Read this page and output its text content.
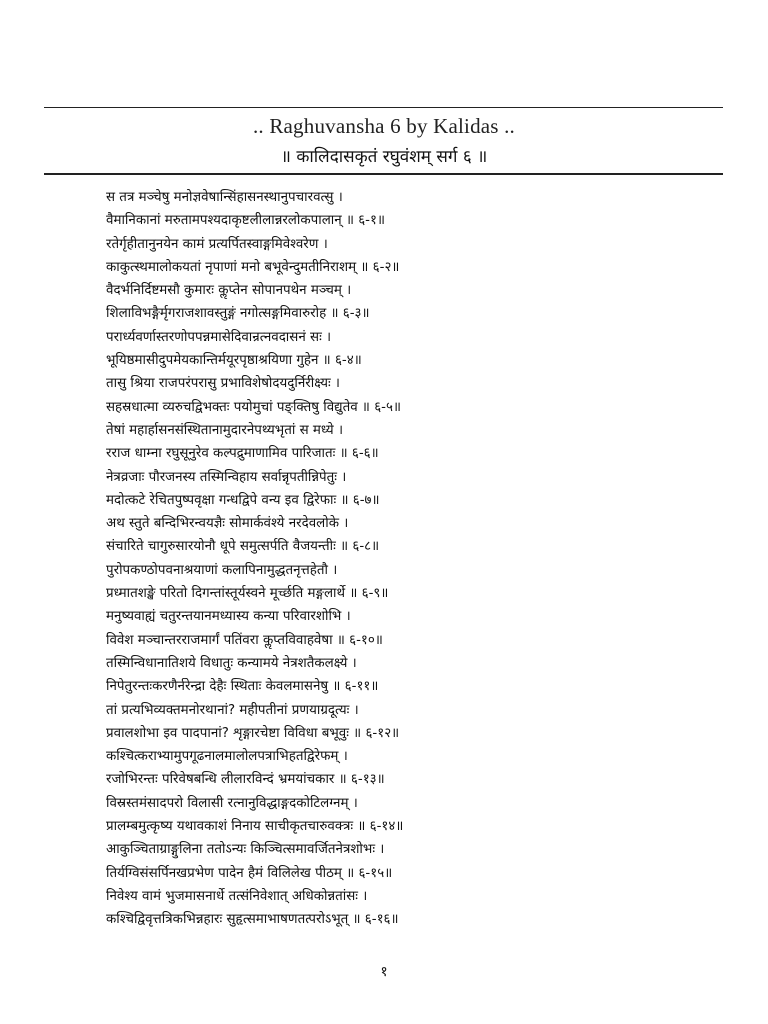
.. Raghuvansha 6 by Kalidas ..
॥ कालिदासकृतं रघुवंशम् सर्ग ६ ॥
स तत्र मञ्चेषु मनोज्ञवेषान्सिंहासनस्थानुपचारवत्सु ।
वैमानिकानां मरुतामपश्यदाकृष्टलीलान्नरलोकपालान् ॥ ६-१॥
रतेर्गृहीतानुनयेन कामं प्रत्यर्पितस्वाङ्गमिवेश्वरेण ।
काकुत्स्थमालोकयतां नृपाणां मनो बभूवेन्दुमतीनिराशम् ॥ ६-२॥
वैदर्भनिर्दिष्टमसौ कुमारः कॢप्तेन सोपानपथेन मञ्चम् ।
शिलाविभङ्गैर्मृगराजशावस्तुङ्गं नगोत्सङ्गमिवारुरोह ॥ ६-३॥
परार्ध्यवर्णास्तरणोपपन्नमासेदिवान्रत्नवदासनं सः ।
भूयिष्ठमासीदुपमेयकान्तिर्मयूरपृष्ठाश्रयिणा गुहेन ॥ ६-४॥
तासु श्रिया राजपरंपरासु प्रभाविशेषोदयदुर्निरीक्ष्यः ।
सहस्रधात्मा व्यरुचद्विभक्तः पयोमुचां पङ्क्तिषु विद्युतेव ॥ ६-५॥
तेषां महार्हासनसंस्थितानामुदारनेपथ्यभृतां स मध्ये ।
रराज धाम्ना रघुसूनुरेव कल्पद्रुमाणामिव पारिजातः ॥ ६-६॥
नेत्रव्रजाः पौरजनस्य तस्मिन्विहाय सर्वान्नृपतीन्निपेतुः ।
मदोत्कटे रेचितपुष्पवृक्षा गन्धद्विपे वन्य इव द्विरेफाः ॥ ६-७॥
अथ स्तुते बन्दिभिरन्वयज्ञैः सोमार्कवंश्ये नरदेवलोके ।
संचारिते चागुरुसारयोनौ धूपे समुत्सर्पति वैजयन्तीः ॥ ६-८॥
पुरोपकण्ठोपवनाश्रयाणां कलापिनामुद्धतनृत्तहेतौ ।
प्रध्मातशङ्खे परितो दिगन्तांस्तूर्यस्वने मूर्च्छति मङ्गलार्थे ॥ ६-९॥
मनुष्यवाह्यं चतुरन्तयानमध्यास्य कन्या परिवारशोभि ।
विवेश मञ्चान्तरराजमार्गं पतिंवरा कॢप्तविवाहवेषा ॥ ६-१०॥
तस्मिन्विधानातिशये विधातुः कन्यामये नेत्रशतैकलक्ष्ये ।
निपेतुरन्तःकरणैर्नरेन्द्रा देहैः स्थिताः केवलमासनेषु ॥ ६-११॥
तां प्रत्यभिव्यक्तमनोरथानां? महीपतीनां प्रणयाग्रदूत्यः ।
प्रवालशोभा इव पादपानां? शृङ्गारचेष्टा विविधा बभूवुः ॥ ६-१२॥
कश्चित्कराभ्यामुपगूढनालमालोलपत्राभिहतद्विरेफम् ।
रजोभिरन्तः परिवेषबन्धि लीलारविन्दं भ्रमयांचकार ॥ ६-१३॥
विस्रस्तमंसादपरो विलासी रत्नानुविद्धाङ्गदकोटिलग्नम् ।
प्रालम्बमुत्कृष्य यथावकाशं निनाय साचीकृतचारुवक्त्रः ॥ ६-१४॥
आकुञ्चिताग्राङ्गुलिना ततोऽन्यः किञ्चित्समावर्जितनेत्रशोभः ।
तिर्यग्विसंसर्पिनखप्रभेण पादेन हैमं विलिलेख पीठम् ॥ ६-१५॥
निवेश्य वामं भुजमासनार्धे तत्संनिवेशात् अधिकोन्नतांसः ।
कश्चिद्विवृत्तत्रिकभिन्नहारः सुहृत्समाभाषणतत्परोऽभूत् ॥ ६-१६॥
१
